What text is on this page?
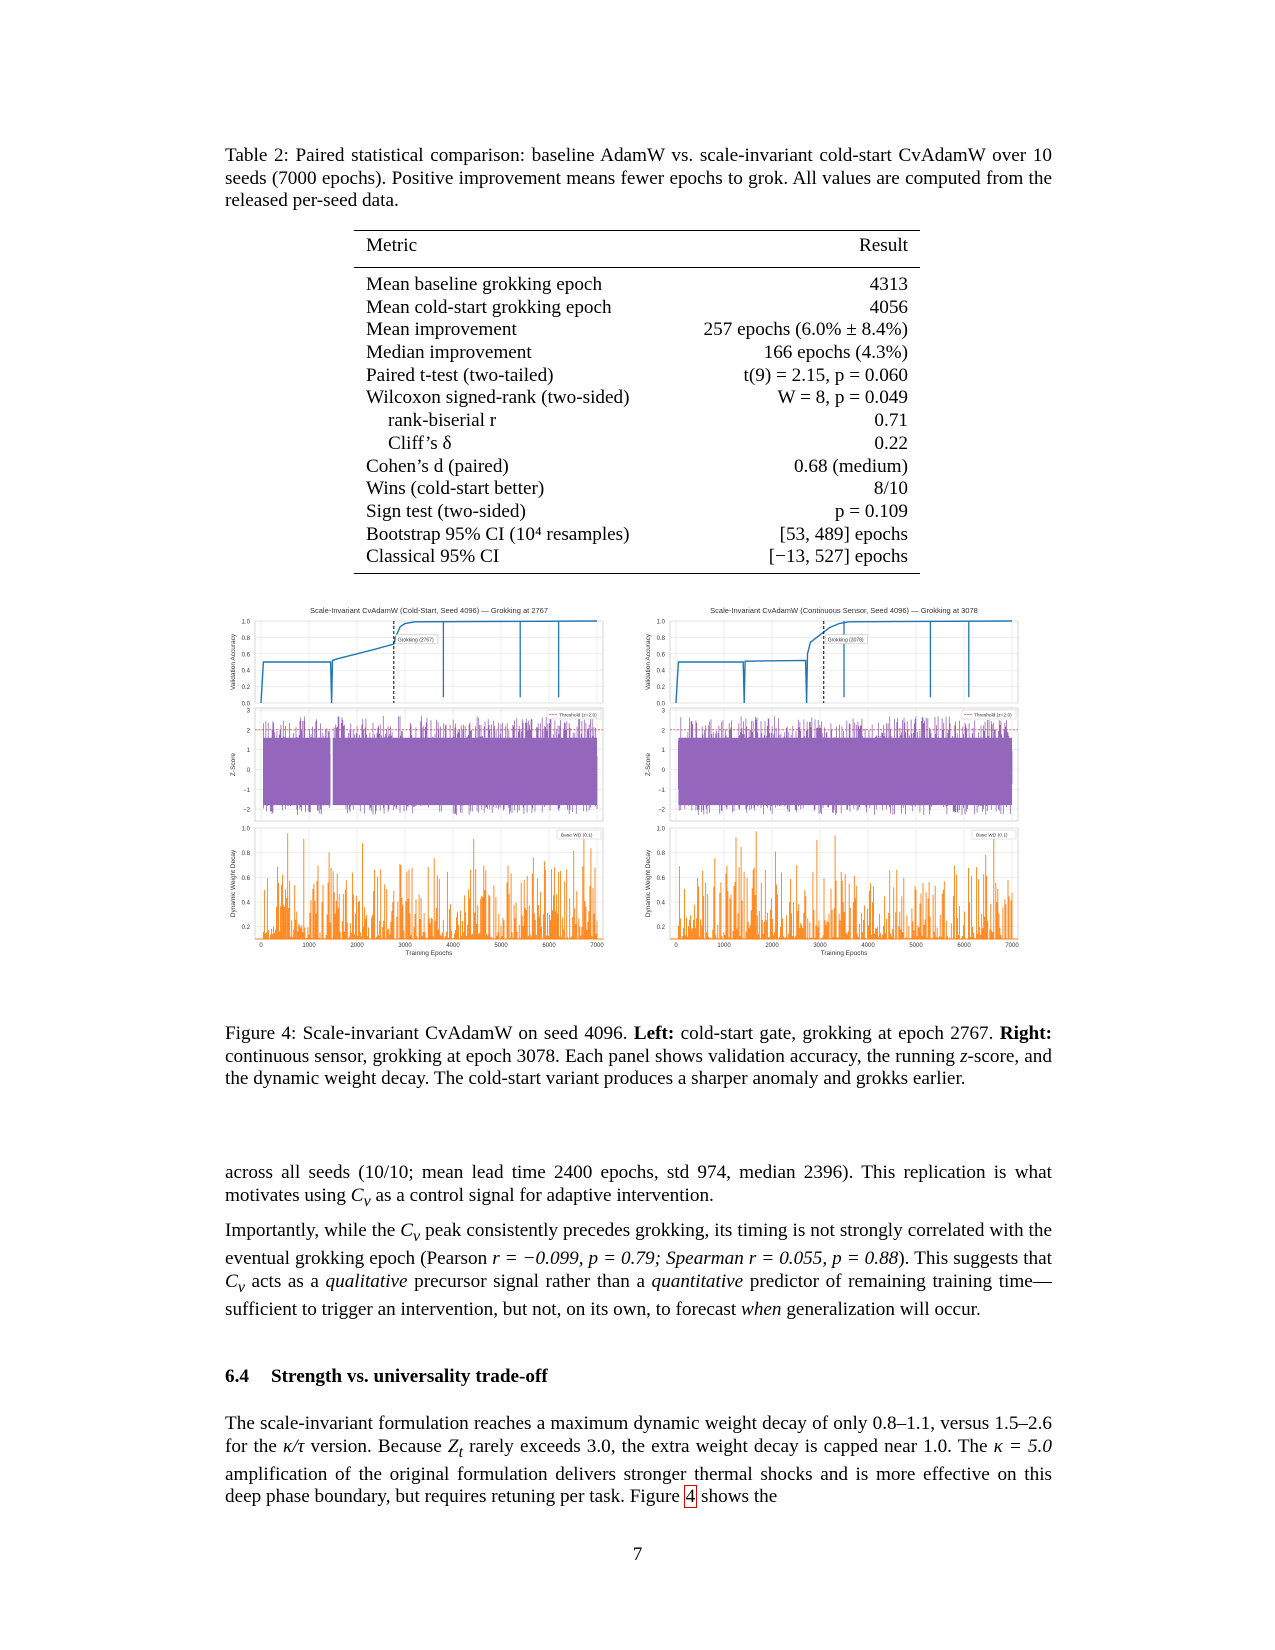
Table 2: Paired statistical comparison: baseline AdamW vs. scale-invariant cold-start CvAdamW over 10 seeds (7000 epochs). Positive improvement means fewer epochs to grok. All values are computed from the released per-seed data.
Metric	Result
Mean baseline grokking epoch	4313
Mean cold-start grokking epoch	4056
Mean improvement	257 epochs (6.0% ± 8.4%)
Median improvement	166 epochs (4.3%)
Paired t-test (two-tailed)	t(9) = 2.15, p = 0.060
Wilcoxon signed-rank (two-sided)	W = 8, p = 0.049
rank-biserial r	0.71
Cliff’s δ	0.22
Cohen’s d (paired)	0.68 (medium)
Wins (cold-start better)	8/10
Sign test (two-sided)	p = 0.109
Bootstrap 95% CI (10⁴ resamples)	[53, 489] epochs
Classical 95% CI	[−13, 527] epochs
Scale-Invariant CvAdamW (Cold-Start, Seed 4096) — Grokking at 2767
0.0
0.2
0.4
0.6
0.8
1.0
Validation Accuracy	Grokking (2767)
−2
−1
0
1
2
3
Z-Score
Threshold (z=2.0)
0.2
0.4
0.6
0.8
1.0
Dynamic Weight Decay
Base WD (0.1)
0	1000	2000	3000	4000	5000	6000	7000
Training Epochs
Scale-Invariant CvAdamW (Continuous Sensor, Seed 4096) — Grokking at 3078
0.0
0.2
0.4
0.6
0.8
1.0
Validation Accuracy	Grokking (3078)
−2
−1
0
1
2
3
Z-Score
Threshold (z=2.0)
0.2
0.4
0.6
0.8
1.0
Dynamic Weight Decay
Base WD (0.1)
0	1000	2000	3000	4000	5000	6000	7000
Training Epochs
Figure 4: Scale-invariant CvAdamW on seed 4096. Left: cold-start gate, grokking at epoch 2767. Right: continuous sensor, grokking at epoch 3078. Each panel shows validation accuracy, the running z-score, and the dynamic weight decay. The cold-start variant produces a sharper anomaly and grokks earlier.
across all seeds (10/10; mean lead time 2400 epochs, std 974, median 2396). This replication is what motivates using $C_v$ as a control signal for adaptive intervention.
Importantly, while the $C_v$ peak consistently precedes grokking, its timing is not strongly correlated with the eventual grokking epoch (Pearson r = −0.099, p = 0.79; Spearman r = 0.055, p = 0.88). This suggests that $C_v$ acts as a qualitative precursor signal rather than a quantitative predictor of remaining training time—sufficient to trigger an intervention, but not, on its own, to forecast when generalization will occur.
6.4 Strength vs. universality trade-off
The scale-invariant formulation reaches a maximum dynamic weight decay of only 0.8–1.1, versus 1.5–2.6 for the κ/τ version. Because $Z_t$ rarely exceeds 3.0, the extra weight decay is capped near 1.0. The κ = 5.0 amplification of the original formulation delivers stronger thermal shocks and is more effective on this deep phase boundary, but requires retuning per task. Figure 4 shows the
7
